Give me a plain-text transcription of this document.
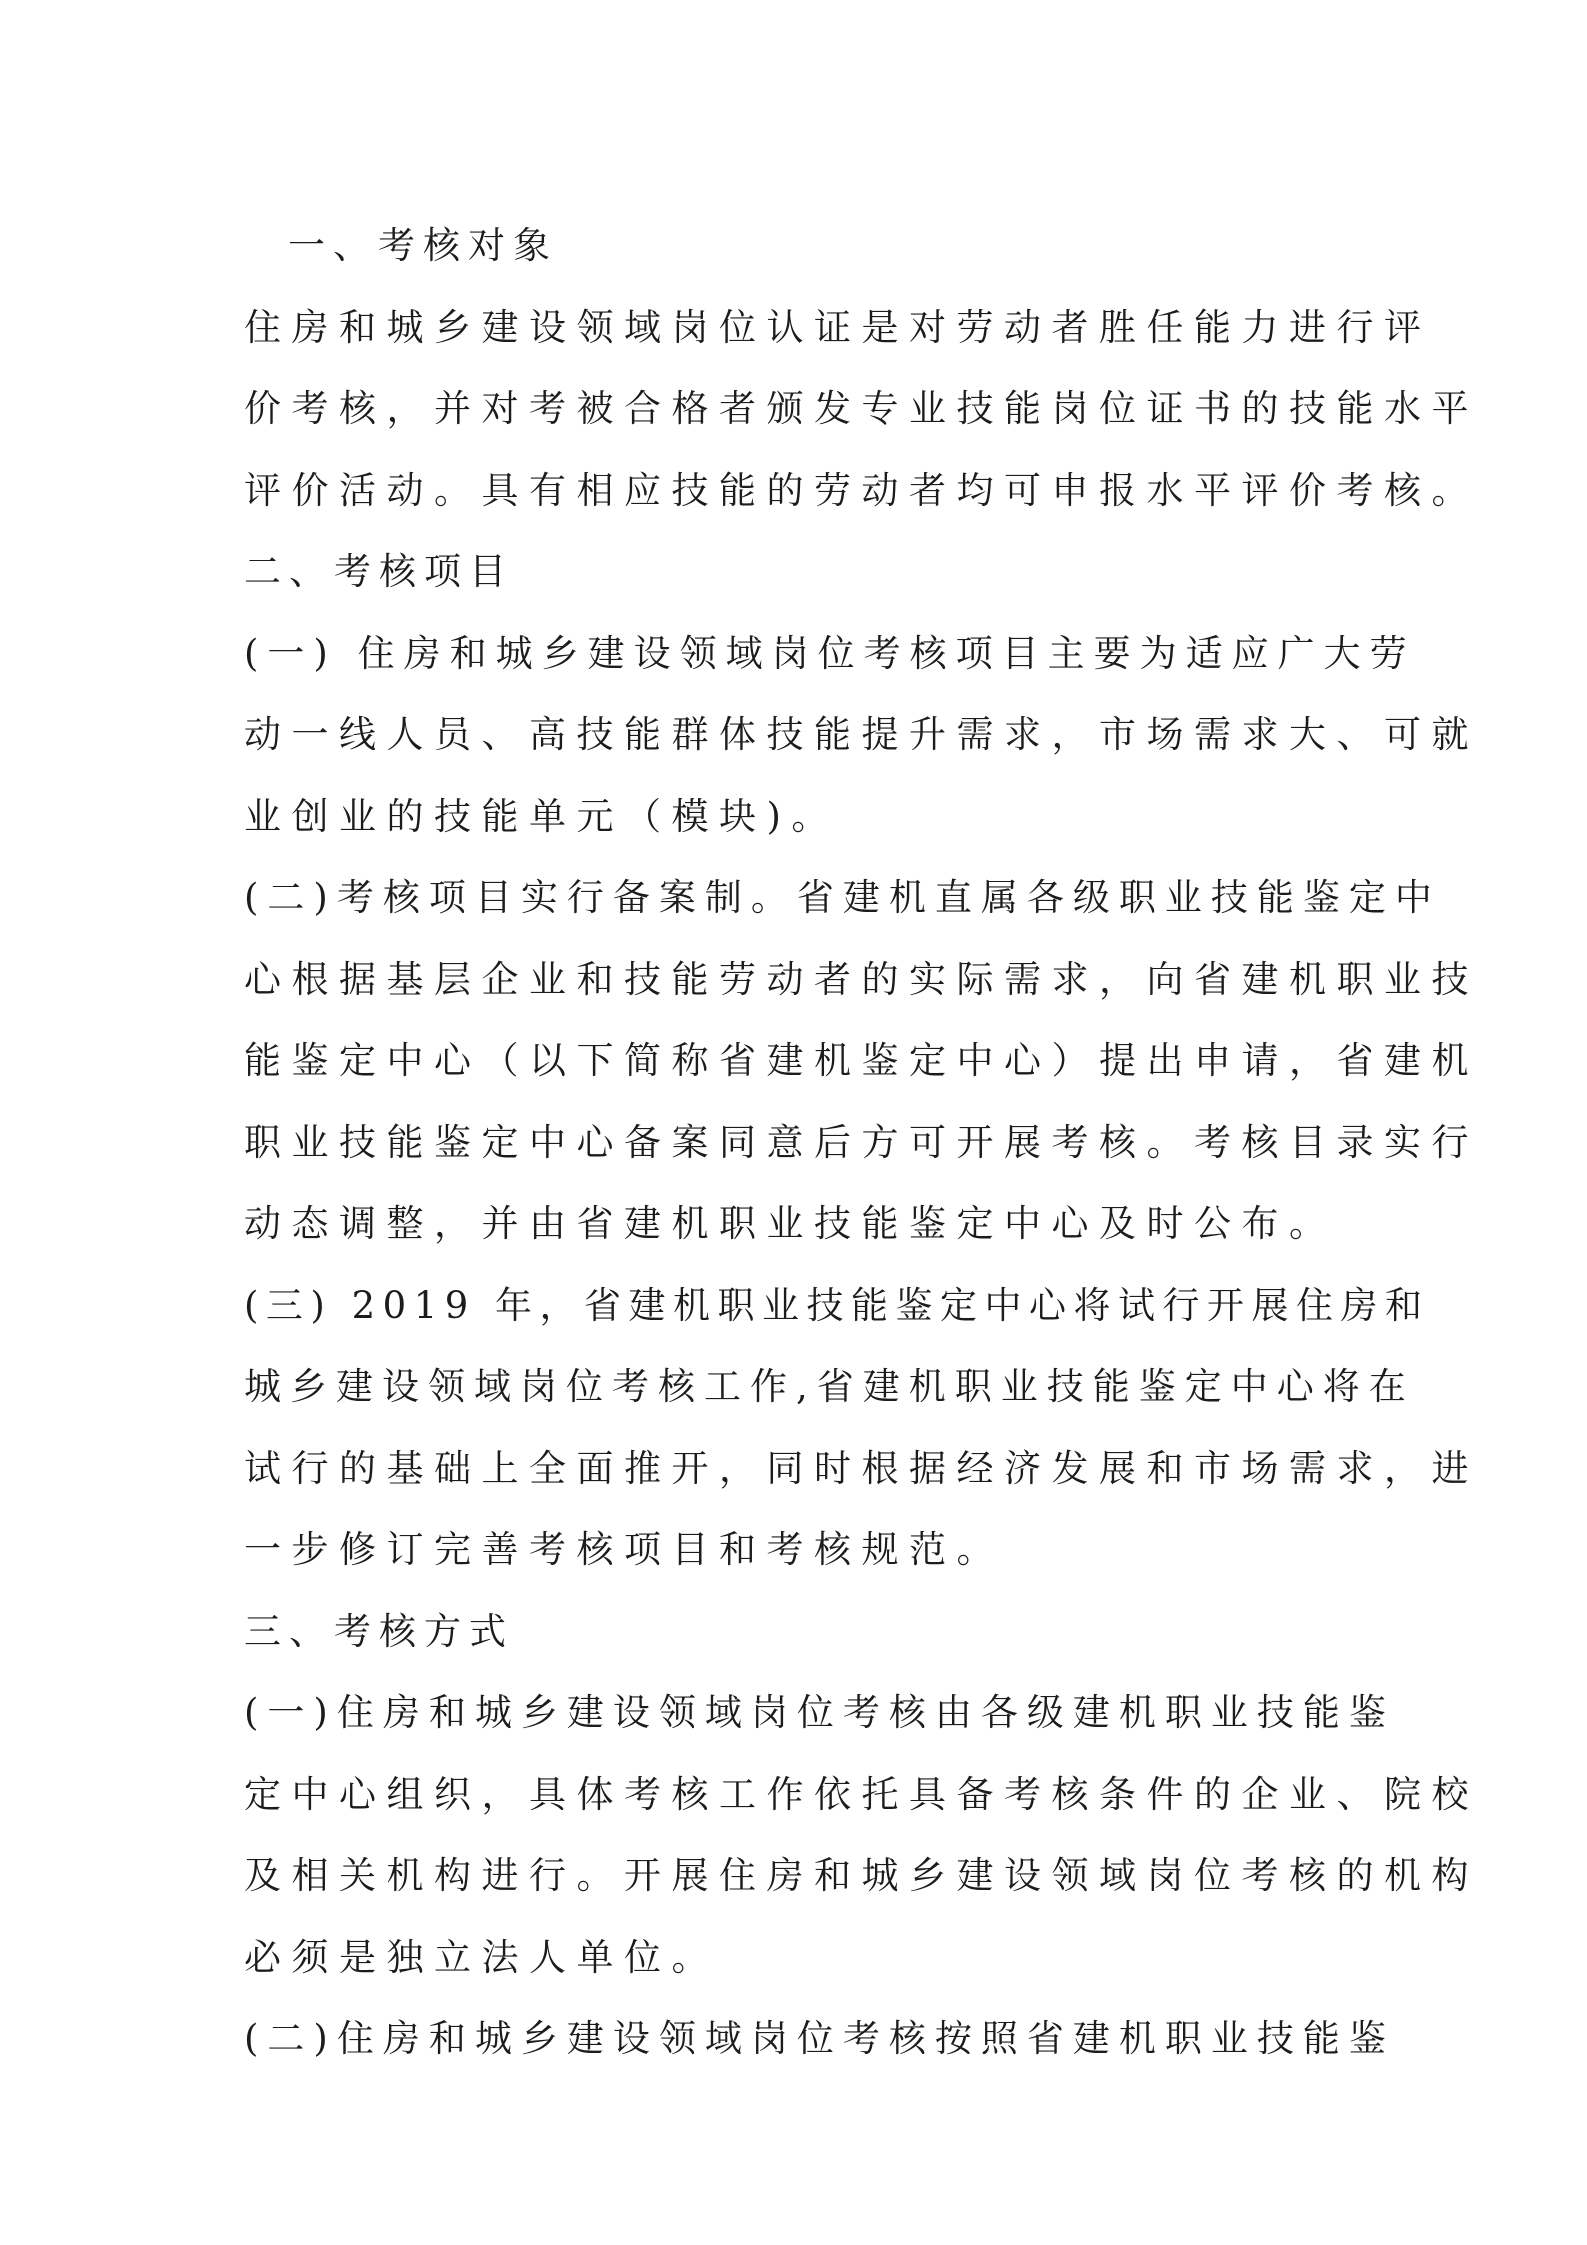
一、考核对象
住房和城乡建设领域岗位认证是对劳动者胜任能力进行评
价考核，并对考被合格者颁发专业技能岗位证书的技能水平
评价活动。具有相应技能的劳动者均可申报水平评价考核。
二、考核项目
(一) 住房和城乡建设领域岗位考核项目主要为适应广大劳
动一线人员、高技能群体技能提升需求，市场需求大、可就
业创业的技能单元（模块)。
(二)考核项目实行备案制。省建机直属各级职业技能鉴定中
心根据基层企业和技能劳动者的实际需求，向省建机职业技
能鉴定中心（以下简称省建机鉴定中心）提出申请，省建机
职业技能鉴定中心备案同意后方可开展考核。考核目录实行
动态调整，并由省建机职业技能鉴定中心及时公布。
(三) 2019 年，省建机职业技能鉴定中心将试行开展住房和
城乡建设领域岗位考核工作,省建机职业技能鉴定中心将在
试行的基础上全面推开，同时根据经济发展和市场需求，进
一步修订完善考核项目和考核规范。
三、考核方式
(一)住房和城乡建设领域岗位考核由各级建机职业技能鉴
定中心组织，具体考核工作依托具备考核条件的企业、院校
及相关机构进行。开展住房和城乡建设领域岗位考核的机构
必须是独立法人单位。
(二)住房和城乡建设领域岗位考核按照省建机职业技能鉴
